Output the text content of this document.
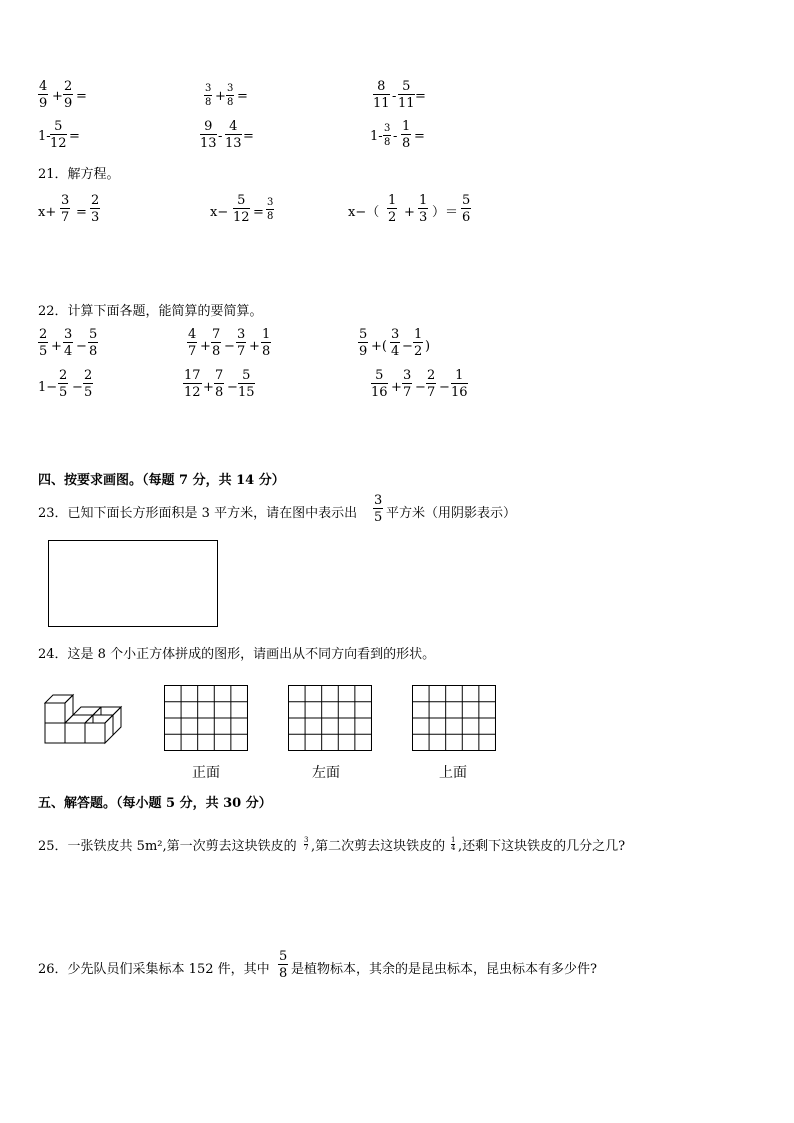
$\frac{4}{9} + \frac{2}{9}$ =	$\frac{3}{8} + \frac{3}{8}$ =	$\frac{8}{11} - \frac{5}{11}$ =
$1- \frac{5}{12}$ =	$\frac{9}{13} - \frac{4}{13}$ =	$1- \frac{3}{8} - \frac{1}{8}$ =
21．解方程。
$x+ \frac{3}{7} = \frac{2}{3}$	$x- \frac{5}{12} = \frac{3}{8}$	$x-( \frac{1}{2} + \frac{1}{3}$ ）＝ $\frac{5}{6}$
22．计算下面各题，能简算的要简算。
$\frac{2}{5} + \frac{3}{4} - \frac{5}{8}$	$\frac{4}{7} + \frac{7}{8} - \frac{3}{7} + \frac{1}{8}$	$\frac{5}{9}$ +( $\frac{3}{4} - \frac{1}{2}$ )
$1- \frac{2}{5} - \frac{2}{5}$	$\frac{17}{12} + \frac{7}{8} - \frac{5}{15}$	$\frac{5}{16} + \frac{3}{7} - \frac{2}{7} - \frac{1}{16}$
四、按要求画图。（每题 7 分，共 14 分）
23．已知下面长方形面积是 3 平方米，请在图中表示出 $\frac{3}{5}$ 平方米（用阴影表示）
24．这是 8 个小正方体拼成的图形，请画出从不同方向看到的形状。
正面	左面	上面
五、解答题。（每小题 5 分，共 30 分）
25．一张铁皮共 5m²,第一次剪去这块铁皮的 $\frac{3}{7}$ ,第二次剪去这块铁皮的 $\frac{1}{4}$ ,还剩下这块铁皮的几分之几?
26．少先队员们采集标本 152 件，其中 $\frac{5}{8}$ 是植物标本，其余的是昆虫标本，昆虫标本有多少件?
